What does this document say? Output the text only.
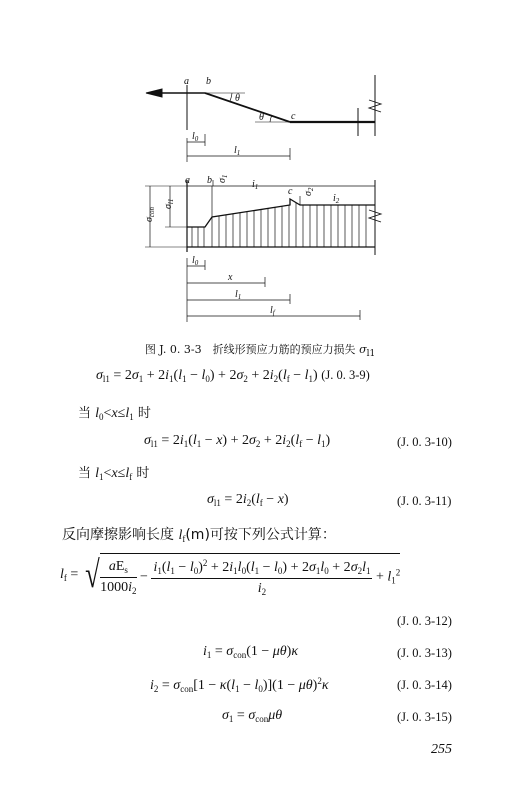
a b
c
θ
θ
$l_0$
$l_1$
a b
c
$\sigma_1$
$\sigma_2$
$i_1$
$i_2$
$\sigma_{con}$
$\sigma_{l1}$
$l_0$
x
$l_1$
$l_f$
图 J. 0. 3-3　折线形预应力筋的预应力损失 $\sigma_{l1}$
$\sigma_{l1} = 2\sigma_1 + 2i_1(l_1 - l_0) + 2\sigma_2 + 2i_2(l_f - l_1)$ (J. 0. 3-9)
当 $l_0<x\le l_1$ 时
$\sigma_{l1} = 2i_1(l_1 - x) + 2\sigma_2 + 2i_2(l_f - l_1)$	(J. 0. 3-10)
当 $l_1<x\le l_f$ 时
$\sigma_{l1} = 2i_2(l_f - x)$	(J. 0. 3-11)
反向摩擦影响长度 $l_f(m)$可按下列公式计算：
$l_f$ = √ $\frac{aE_s}{1000i_2} - \frac{i_1(l_1 - l_0)^2 + 2i_1l_0(l_1 - l_0) + 2\sigma_1l_0 + 2\sigma_2l_1}{i_2} + l_1^2$
(J. 0. 3-12)
$i_1 = \sigma_{con}(1 - \mu\theta)\kappa$	(J. 0. 3-13)
$i_2 = \sigma_{con}[1 - \kappa(l_1 - l_0)](1 - \mu\theta)^2\kappa$	(J. 0. 3-14)
$\sigma_1 = \sigma_{con}\mu\theta$	(J. 0. 3-15)
255
